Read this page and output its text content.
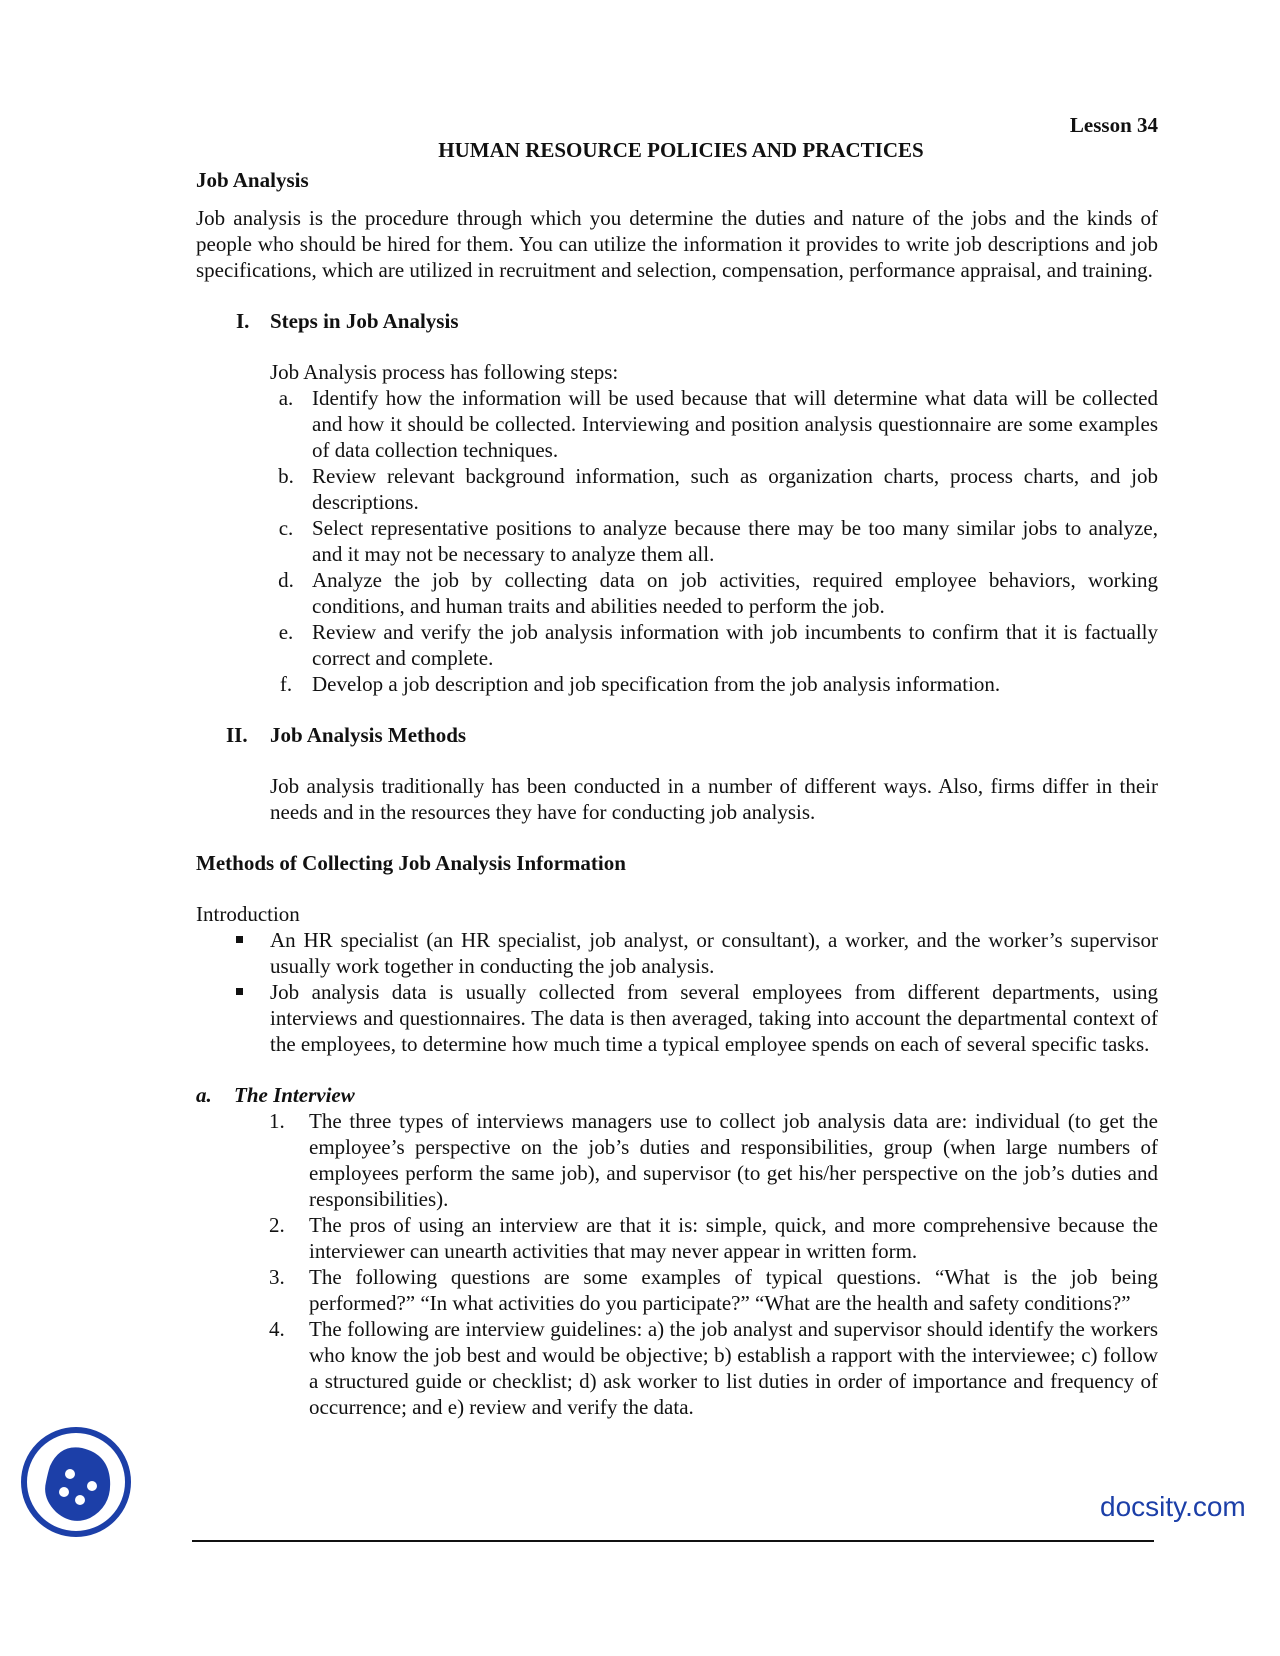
Lesson 34
HUMAN RESOURCE POLICIES AND PRACTICES

Job Analysis

Job analysis is the procedure through which you determine the duties and nature of the jobs and the kinds of people who should be hired for them. You can utilize the information it provides to write job descriptions and job specifications, which are utilized in recruitment and selection, compensation, performance appraisal, and training.

I. Steps in Job Analysis

Job Analysis process has following steps:

a. Identify how the information will be used because that will determine what data will be collected and how it should be collected. Interviewing and position analysis questionnaire are some examples of data collection techniques.
b. Review relevant background information, such as organization charts, process charts, and job descriptions.
c. Select representative positions to analyze because there may be too many similar jobs to analyze, and it may not be necessary to analyze them all.
d. Analyze the job by collecting data on job activities, required employee behaviors, working conditions, and human traits and abilities needed to perform the job.
e. Review and verify the job analysis information with job incumbents to confirm that it is factually correct and complete.
f. Develop a job description and job specification from the job analysis information.
II.	Job Analysis Methods

Job analysis traditionally has been conducted in a number of different ways. Also, firms differ in their needs and in the resources they have for conducting job analysis.

Methods of Collecting Job Analysis Information

Introduction

An HR specialist (an HR specialist, job analyst, or consultant), a worker, and the worker’s supervisor usually work together in conducting the job analysis.
Job analysis data is usually collected from several employees from different departments, using interviews and questionnaires. The data is then averaged, taking into account the departmental context of the employees, to determine how much time a typical employee spends on each of several specific tasks.
a.	The Interview
1.	The three types of interviews managers use to collect job analysis data are: individual (to get the employee’s perspective on the job’s duties and responsibilities, group (when large numbers of employees perform the same job), and supervisor (to get his/her perspective on the job’s duties and responsibilities).
2.	The pros of using an interview are that it is: simple, quick, and more comprehensive because the interviewer can unearth activities that may never appear in written form.
3.	The following questions are some examples of typical questions. “What is the job being performed?” “In what activities do you participate?” “What are the health and safety conditions?”
4.	The following are interview guidelines: a) the job analyst and supervisor should identify the workers who know the job best and would be objective; b) establish a rapport with the interviewee; c) follow a structured guide or checklist; d) ask worker to list duties in order of importance and frequency of occurrence; and e) review and verify the data.
docsity.com
